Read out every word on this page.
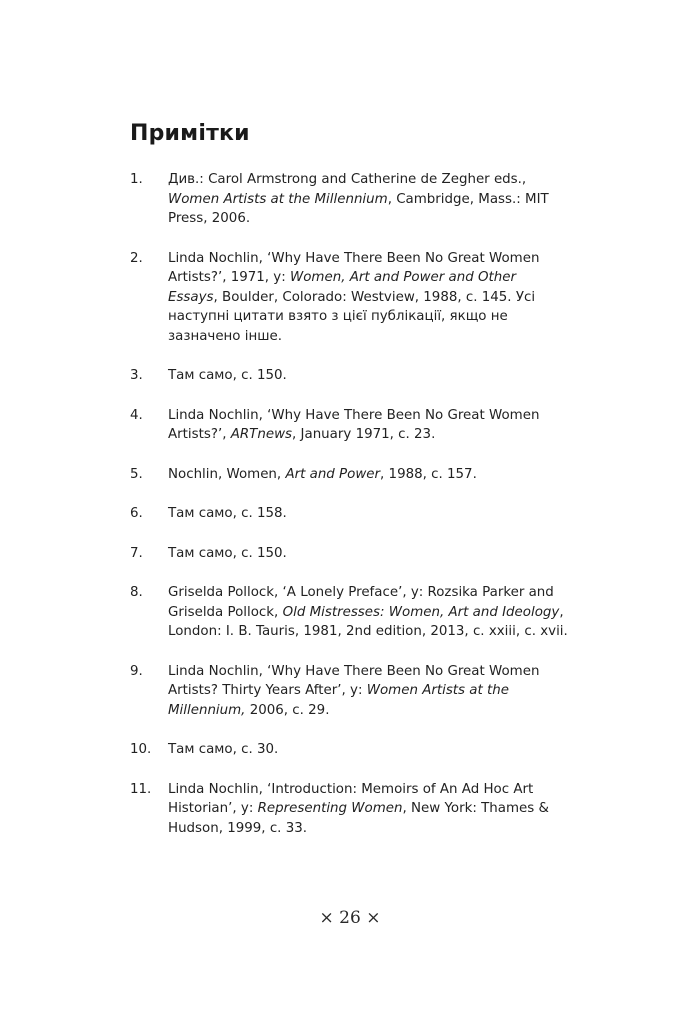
Примітки
1.	Див.: Carol Armstrong and Catherine de Zegher eds., Women Artists at the Millennium, Cambridge, Mass.: MIT Press, 2006.
2.	Linda Nochlin, ‘Why Have There Been No Great Women Artists?’, 1971, у: Women, Art and Power and Other Essays, Boulder, Colorado: Westview, 1988, с. 145. Усі наступні цитати взято з цієї публікації, якщо не зазначено інше.
3.	Там само, с. 150.
4.	Linda Nochlin, ‘Why Have There Been No Great Women Artists?’, ARTnews, January 1971, с. 23.
5.	Nochlin, Women, Art and Power, 1988, с. 157.
6.	Там само, с. 158.
7.	Там само, с. 150.
8.	Griselda Pollock, ‘A Lonely Preface’, у: Rozsika Parker and Griselda Pollock, Old Mistresses: Women, Art and Ideology, London: I. B. Tauris, 1981, 2nd edition, 2013, с. xxiii, с. xvii.
9.	Linda Nochlin, ‘Why Have There Been No Great Women Artists? Thirty Years After’, у: Women Artists at the Millennium, 2006, с. 29.
10.	Там само, с. 30.
11.	Linda Nochlin, ‘Introduction: Memoirs of An Ad Hoc Art Historian’, у: Representing Women, New York: Thames & Hudson, 1999, с. 33.
× 26 ×
